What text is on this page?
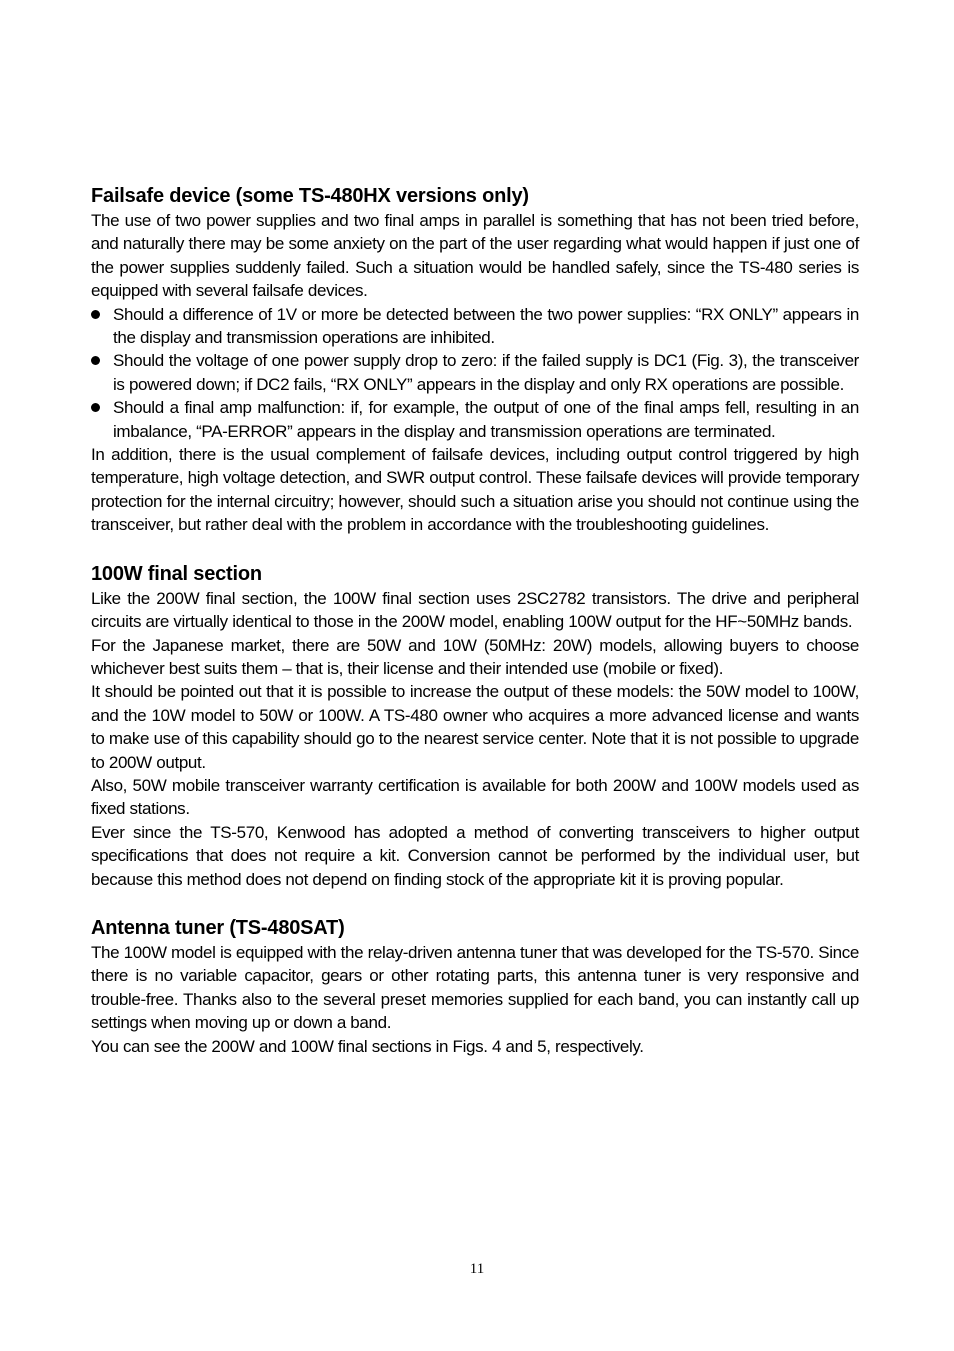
Failsafe device (some TS-480HX versions only)

The use of two power supplies and two final amps in parallel is something that has not been tried before, and naturally there may be some anxiety on the part of the user regarding what would happen if just one of the power supplies suddenly failed. Such a situation would be handled safely, since the TS-480 series is equipped with several failsafe devices.

Should a difference of 1V or more be detected between the two power supplies: “RX ONLY” appears in the display and transmission operations are inhibited.
Should the voltage of one power supply drop to zero: if the failed supply is DC1 (Fig. 3), the transceiver is powered down; if DC2 fails, “RX ONLY” appears in the display and only RX operations are possible.
Should a final amp malfunction: if, for example, the output of one of the final amps fell, resulting in an imbalance, “PA-ERROR” appears in the display and transmission operations are terminated.

In addition, there is the usual complement of failsafe devices, including output control triggered by high temperature, high voltage detection, and SWR output control. These failsafe devices will provide temporary protection for the internal circuitry; however, should such a situation arise you should not continue using the transceiver, but rather deal with the problem in accordance with the troubleshooting guidelines.

100W final section

Like the 200W final section, the 100W final section uses 2SC2782 transistors. The drive and peripheral circuits are virtually identical to those in the 200W model, enabling 100W output for the HF~50MHz bands.

For the Japanese market, there are 50W and 10W (50MHz: 20W) models, allowing buyers to choose whichever best suits them – that is, their license and their intended use (mobile or fixed).

It should be pointed out that it is possible to increase the output of these models: the 50W model to 100W, and the 10W model to 50W or 100W. A TS-480 owner who acquires a more advanced license and wants to make use of this capability should go to the nearest service center. Note that it is not possible to upgrade to 200W output.

Also, 50W mobile transceiver warranty certification is available for both 200W and 100W models used as fixed stations.

Ever since the TS-570, Kenwood has adopted a method of converting transceivers to higher output specifications that does not require a kit. Conversion cannot be performed by the individual user, but because this method does not depend on finding stock of the appropriate kit it is proving popular.

Antenna tuner (TS-480SAT)

The 100W model is equipped with the relay-driven antenna tuner that was developed for the TS-570. Since there is no variable capacitor, gears or other rotating parts, this antenna tuner is very responsive and trouble-free. Thanks also to the several preset memories supplied for each band, you can instantly call up settings when moving up or down a band.

You can see the 200W and 100W final sections in Figs. 4 and 5, respectively.

11
